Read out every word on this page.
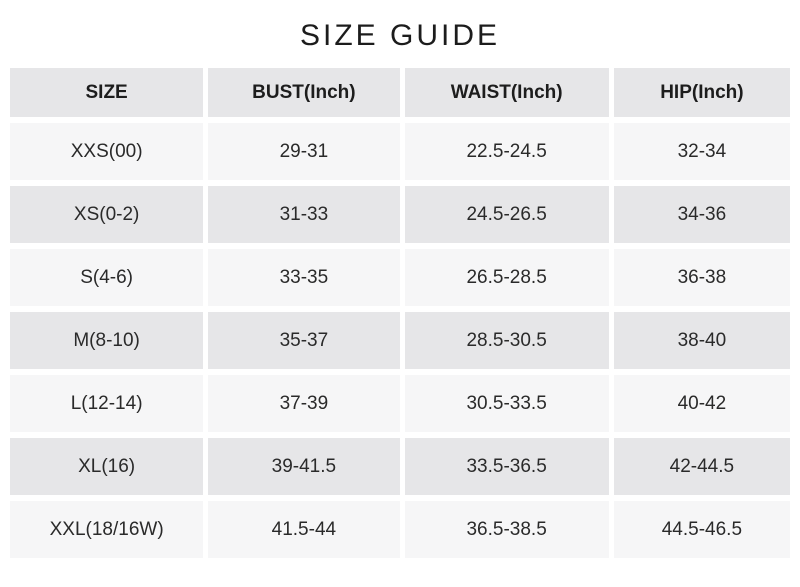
SIZE GUIDE
SIZE	BUST(Inch)	WAIST(Inch)	HIP(Inch)
XXS(00)	29-31	22.5-24.5	32-34
XS(0-2)	31-33	24.5-26.5	34-36
S(4-6)	33-35	26.5-28.5	36-38
M(8-10)	35-37	28.5-30.5	38-40
L(12-14)	37-39	30.5-33.5	40-42
XL(16)	39-41.5	33.5-36.5	42-44.5
XXL(18/16W)	41.5-44	36.5-38.5	44.5-46.5
